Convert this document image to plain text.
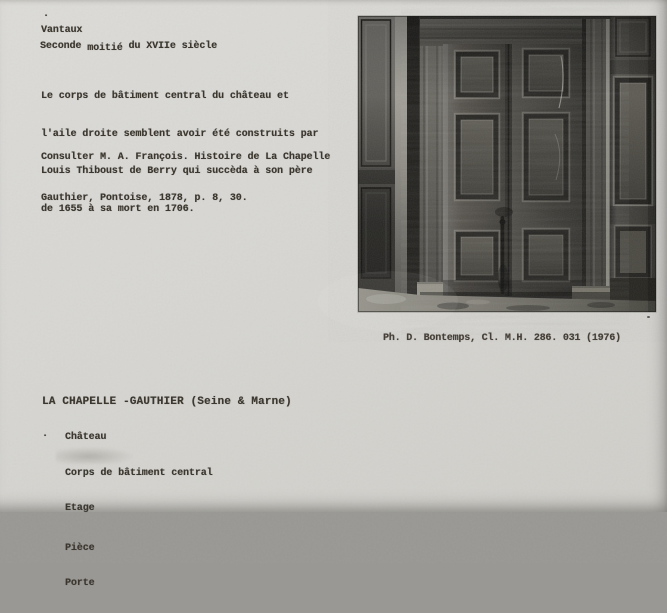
.
Vantaux
Seconde moitié du XVIIe siècle

Le corps de bâtiment central du château et

l'aile droite semblent avoir été construits par

Louis Thiboust de Berry qui succèda à son père

de 1655 à sa mort en 1706.

Consulter M. A. François. Histoire de La Chapelle

Gauthier, Pontoise, 1878, p. 8, 30.

Ph. D. Bontemps, Cl. M.H. 286. 031 (1976)
LA CHAPELLE -GAUTHIER (Seine & Marne)
.

Château

Corps de bâtiment central

Etage

Pièce

Porte
